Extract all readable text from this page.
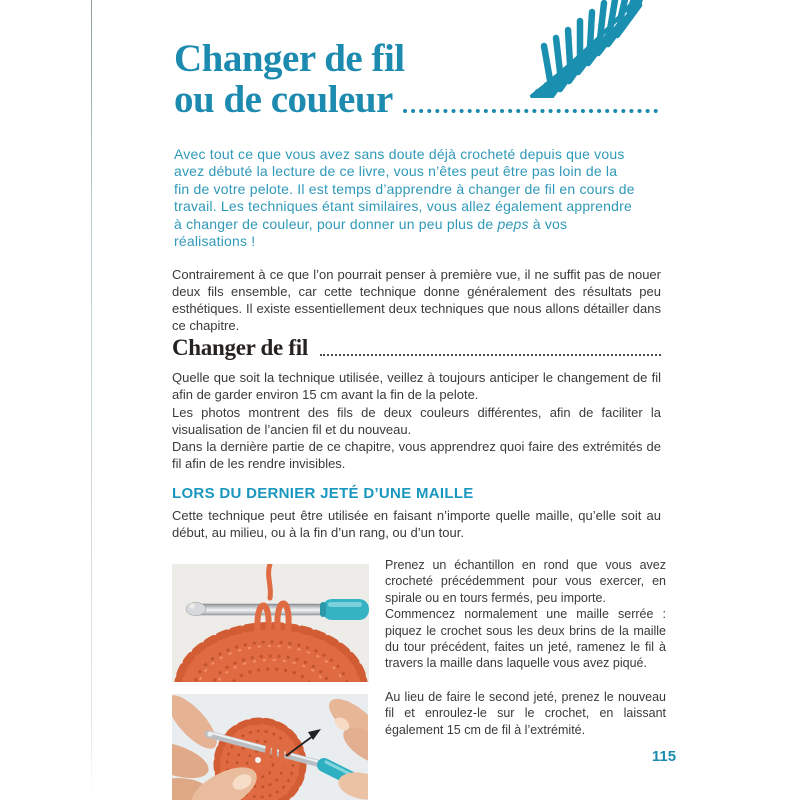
Changer de fil
ou de couleur

Avec tout ce que vous avez sans doute déjà crocheté depuis que vous avez débuté la lecture de ce livre, vous n’êtes peut être pas loin de la fin de votre pelote. Il est temps d’apprendre à changer de fil en cours de travail. Les techniques étant similaires, vous allez également apprendre à changer de couleur, pour donner un peu plus de peps à vos réalisations !

Contrairement à ce que l’on pourrait penser à première vue, il ne suffit pas de nouer deux fils ensemble, car cette technique donne généralement des résultats peu esthétiques. Il existe essentiellement deux techniques que nous allons détailler dans ce chapitre.

Changer de fil

Quelle que soit la technique utilisée, veillez à toujours anticiper le changement de fil afin de garder environ 15 cm avant la fin de la pelote.

Les photos montrent des fils de deux couleurs différentes, afin de faciliter la visualisation de l’ancien fil et du nouveau.

Dans la dernière partie de ce chapitre, vous apprendrez quoi faire des extrémités de fil afin de les rendre invisibles.

LORS DU DERNIER JETÉ D’UNE MAILLE

Cette technique peut être utilisée en faisant n’importe quelle maille, qu’elle soit au début, au milieu, ou à la fin d’un rang, ou d’un tour.

Prenez un échantillon en rond que vous avez crocheté précédemment pour vous exercer, en spirale ou en tours fermés, peu importe.

Commencez normalement une maille serrée : piquez le crochet sous les deux brins de la maille du tour précédent, faites un jeté, ramenez le fil à travers la maille dans laquelle vous avez piqué.

Au lieu de faire le second jeté, prenez le nouveau fil et enroulez-le sur le crochet, en laissant également 15 cm de fil à l’extrémité.

115
